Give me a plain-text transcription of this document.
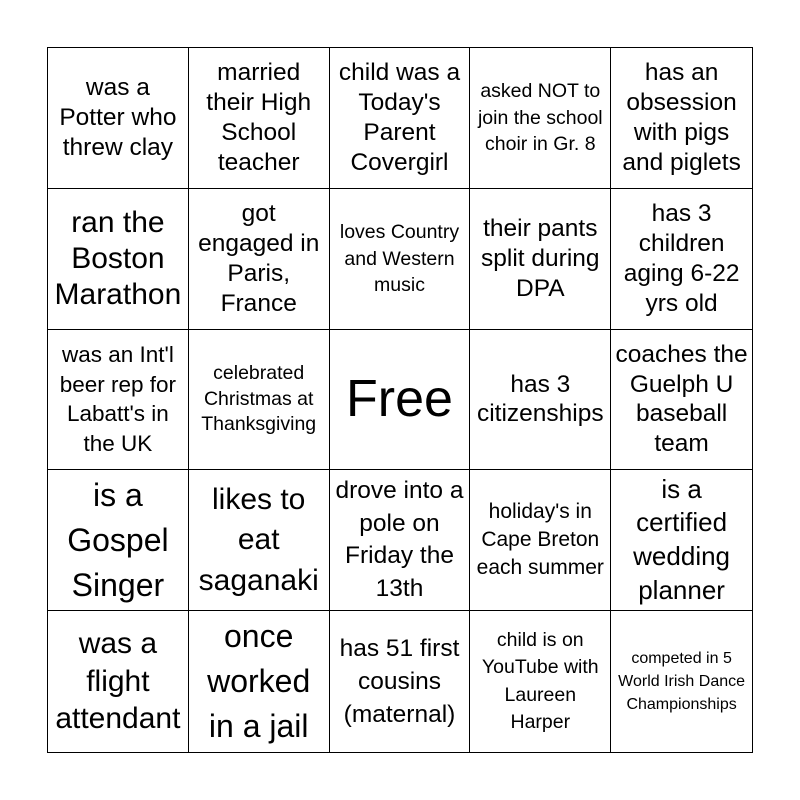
was a Potter who threw clay
married their High School teacher
child was a Today's Parent Covergirl
asked NOT to join the school choir in Gr. 8
has an obsession with pigs and piglets
ran the Boston Marathon
got engaged in Paris, France
loves Country and Western music
their pants split during DPA
has 3 children aging 6-22 yrs old
was an Int'l beer rep for Labatt's in the UK
celebrated Christmas at Thanksgiving Free	has 3 citizenships
coaches the Guelph U baseball team
is a Gospel Singer
likes to eat saganaki
drove into a pole on Friday the 13th
holiday's in Cape Breton each summer
is a certified wedding planner
was a flight attendant
once worked in a jail
has 51 first cousins (maternal)
child is on YouTube with Laureen Harper
competed in 5 World Irish Dance Championships
